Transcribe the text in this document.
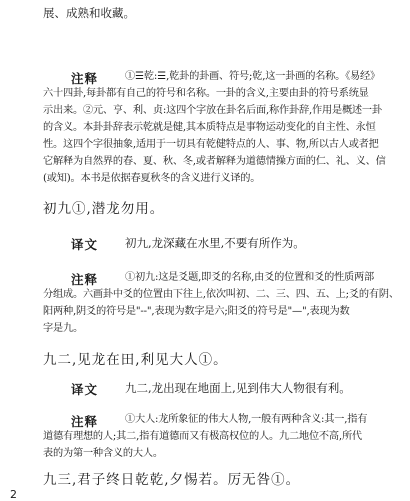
展、成熟和收藏。
注释	①☰乾:☰,乾卦的卦画、符号;乾,这一卦画的名称。《易经》
六十四卦,每卦都有自己的符号和名称。一卦的含义,主要由卦的符号系统显
示出来。②元、亨、利、贞:这四个字放在卦名后面,称作卦辞,作用是概述一卦
的含义。本卦卦辞表示乾就是健,其本质特点是事物运动变化的自主性、永恒
性。这四个字很抽象,适用于一切具有乾健特点的人、事、物,所以古人或者把
它解释为自然界的春、夏、秋、冬,或者解释为道德情操方面的仁、礼、义、信
(或知)。本书是依据春夏秋冬的含义进行义译的。
初九①,潜龙勿用。
译文 初九,龙深藏在水里,不要有所作为。
注释	①初九:这是爻题,即爻的名称,由爻的位置和爻的性质两部
分组成。六画卦中爻的位置由下往上,依次叫初、二、三、四、五、上;爻的有阴、
阳两种,阴爻的符号是"--",表现为数字是六;阳爻的符号是"—",表现为数
字是九。
九二,见龙在田,利见大人①。
译文 九二,龙出现在地面上,见到伟大人物很有利。
注释	①大人:龙所象征的伟大人物,一般有两种含义:其一,指有
道德有理想的人;其二,指有道德而又有极高权位的人。九二地位不高,所代
表的为第一种含义的大人。
九三,君子终日乾乾,夕惕若。厉无咎①。
2
